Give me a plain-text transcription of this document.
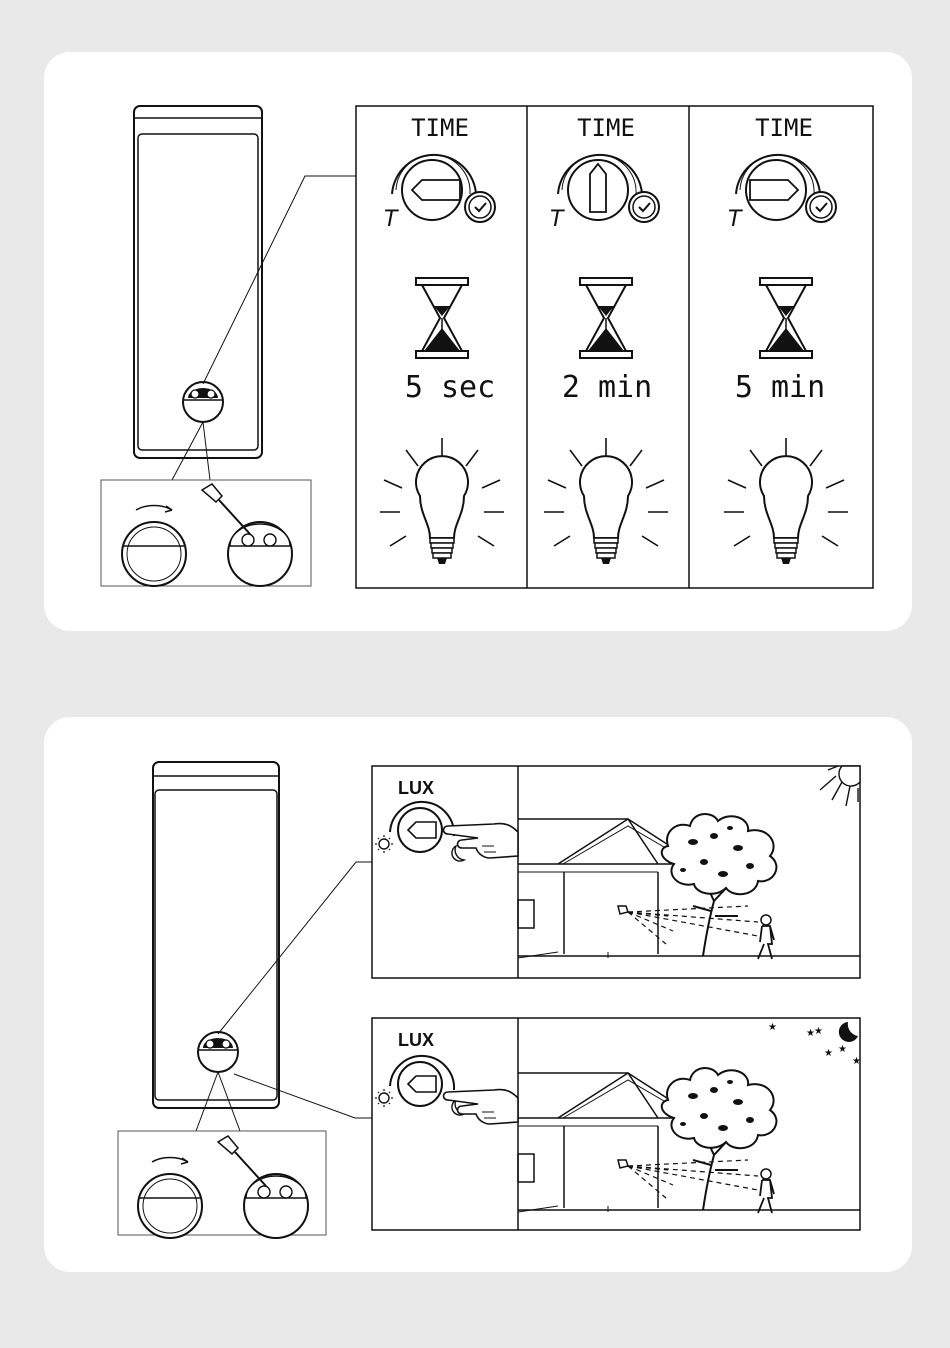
TIME
5 sec
TIME
2 min
TIME
5 min
LUX
LUX
★
★ ★
★ ★
★
